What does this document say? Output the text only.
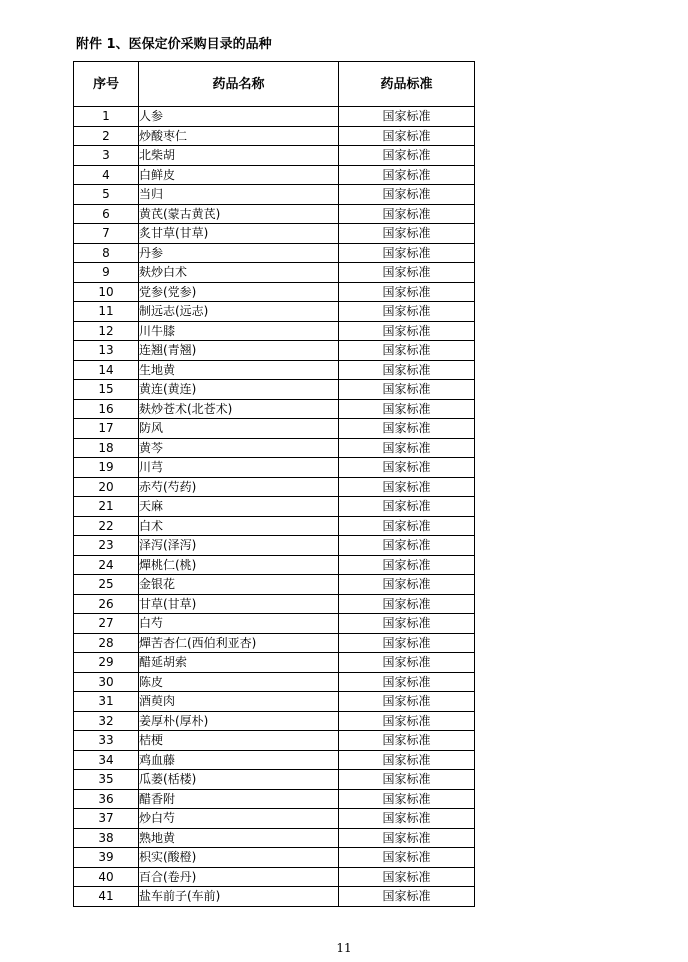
附件 1、医保定价采购目录的品种
序号	药品名称	药品标准
1	人参	国家标准
2	炒酸枣仁	国家标准
3	北柴胡	国家标准
4	白鲜皮	国家标准
5	当归	国家标准
6	黄芪(蒙古黄芪)	国家标准
7	炙甘草(甘草)	国家标准
8	丹参	国家标准
9	麸炒白术	国家标准
10	党参(党参)	国家标准
11	制远志(远志)	国家标准
12	川牛膝	国家标准
13	连翘(青翘)	国家标准
14	生地黄	国家标准
15	黄连(黄连)	国家标准
16	麸炒苍术(北苍术)	国家标准
17	防风	国家标准
18	黄芩	国家标准
19	川芎	国家标准
20	赤芍(芍药)	国家标准
21	天麻	国家标准
22	白术	国家标准
23	泽泻(泽泻)	国家标准
24	燀桃仁(桃)	国家标准
25	金银花	国家标准
26	甘草(甘草)	国家标准
27	白芍	国家标准
28	燀苦杏仁(西伯利亚杏)	国家标准
29	醋延胡索	国家标准
30	陈皮	国家标准
31	酒萸肉	国家标准
32	姜厚朴(厚朴)	国家标准
33	桔梗	国家标准
34	鸡血藤	国家标准
35	瓜蒌(栝楼)	国家标准
36	醋香附	国家标准
37	炒白芍	国家标准
38	熟地黄	国家标准
39	枳实(酸橙)	国家标准
40	百合(卷丹)	国家标准
41	盐车前子(车前)	国家标准
11
